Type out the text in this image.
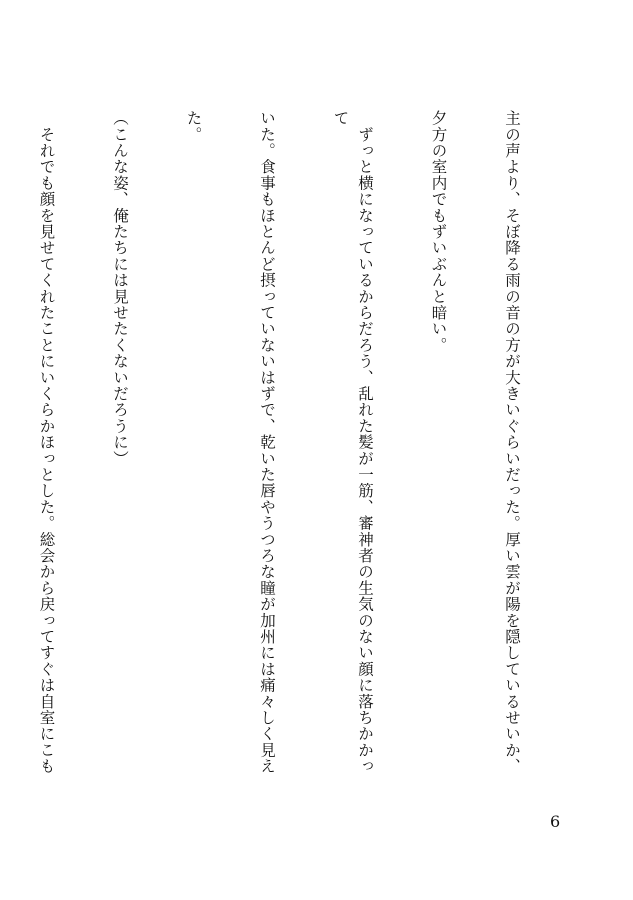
主の声より、そぼ降る雨の音の方が大きいぐらいだった。厚い雲が陽を隠しているせいか、

夕方の室内でもずいぶんと暗い。

　ずっと横になっているからだろう、乱れた髪が一筋、審神者の生気のない顔に落ちかかって

いた。食事もほとんど摂っていないはずで、乾いた唇やうつろな瞳が加州には痛々しく見え

た。

（こんな姿、俺たちには見せたくないだろうに）

　それでも顔を見せてくれたことにいくらかほっとした。総会から戻ってすぐは自室にこも

6
